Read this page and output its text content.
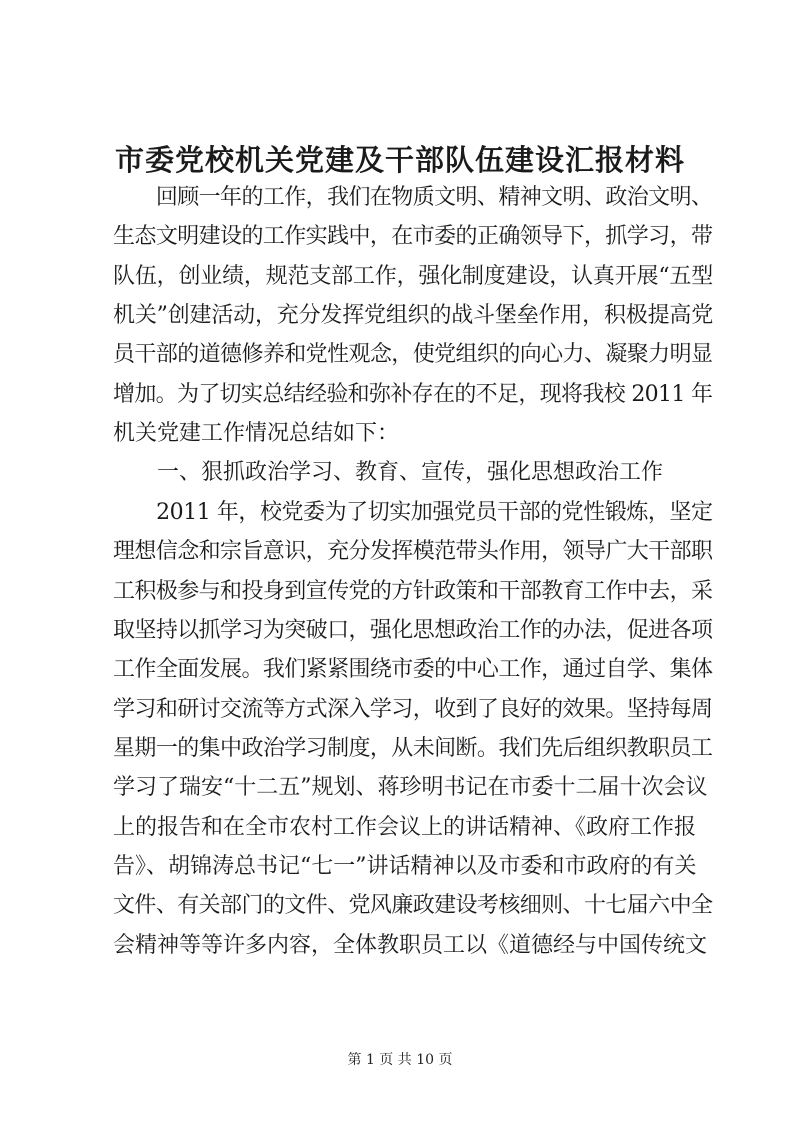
市委党校机关党建及干部队伍建设汇报材料

　　回顾一年的工作，我们在物质文明、精神文明、政治文明、

生态文明建设的工作实践中，在市委的正确领导下，抓学习，带

队伍，创业绩，规范支部工作，强化制度建设，认真开展“五型

机关”创建活动，充分发挥党组织的战斗堡垒作用，积极提高党

员干部的道德修养和党性观念，使党组织的向心力、凝聚力明显

增加。为了切实总结经验和弥补存在的不足，现将我校 2011 年

机关党建工作情况总结如下：

　　一、狠抓政治学习、教育、宣传，强化思想政治工作

　　2011 年，校党委为了切实加强党员干部的党性锻炼，坚定

理想信念和宗旨意识，充分发挥模范带头作用，领导广大干部职

工积极参与和投身到宣传党的方针政策和干部教育工作中去，采

取坚持以抓学习为突破口，强化思想政治工作的办法，促进各项

工作全面发展。我们紧紧围绕市委的中心工作，通过自学、集体

学习和研讨交流等方式深入学习，收到了良好的效果。坚持每周

星期一的集中政治学习制度，从未间断。我们先后组织教职员工

学习了瑞安“十二五”规划、蒋珍明书记在市委十二届十次会议

上的报告和在全市农村工作会议上的讲话精神、《政府工作报

告》、胡锦涛总书记“七一”讲话精神以及市委和市政府的有关

文件、有关部门的文件、党风廉政建设考核细则、十七届六中全

会精神等等许多内容，全体教职员工以《道德经与中国传统文

第 1 页 共 10 页
